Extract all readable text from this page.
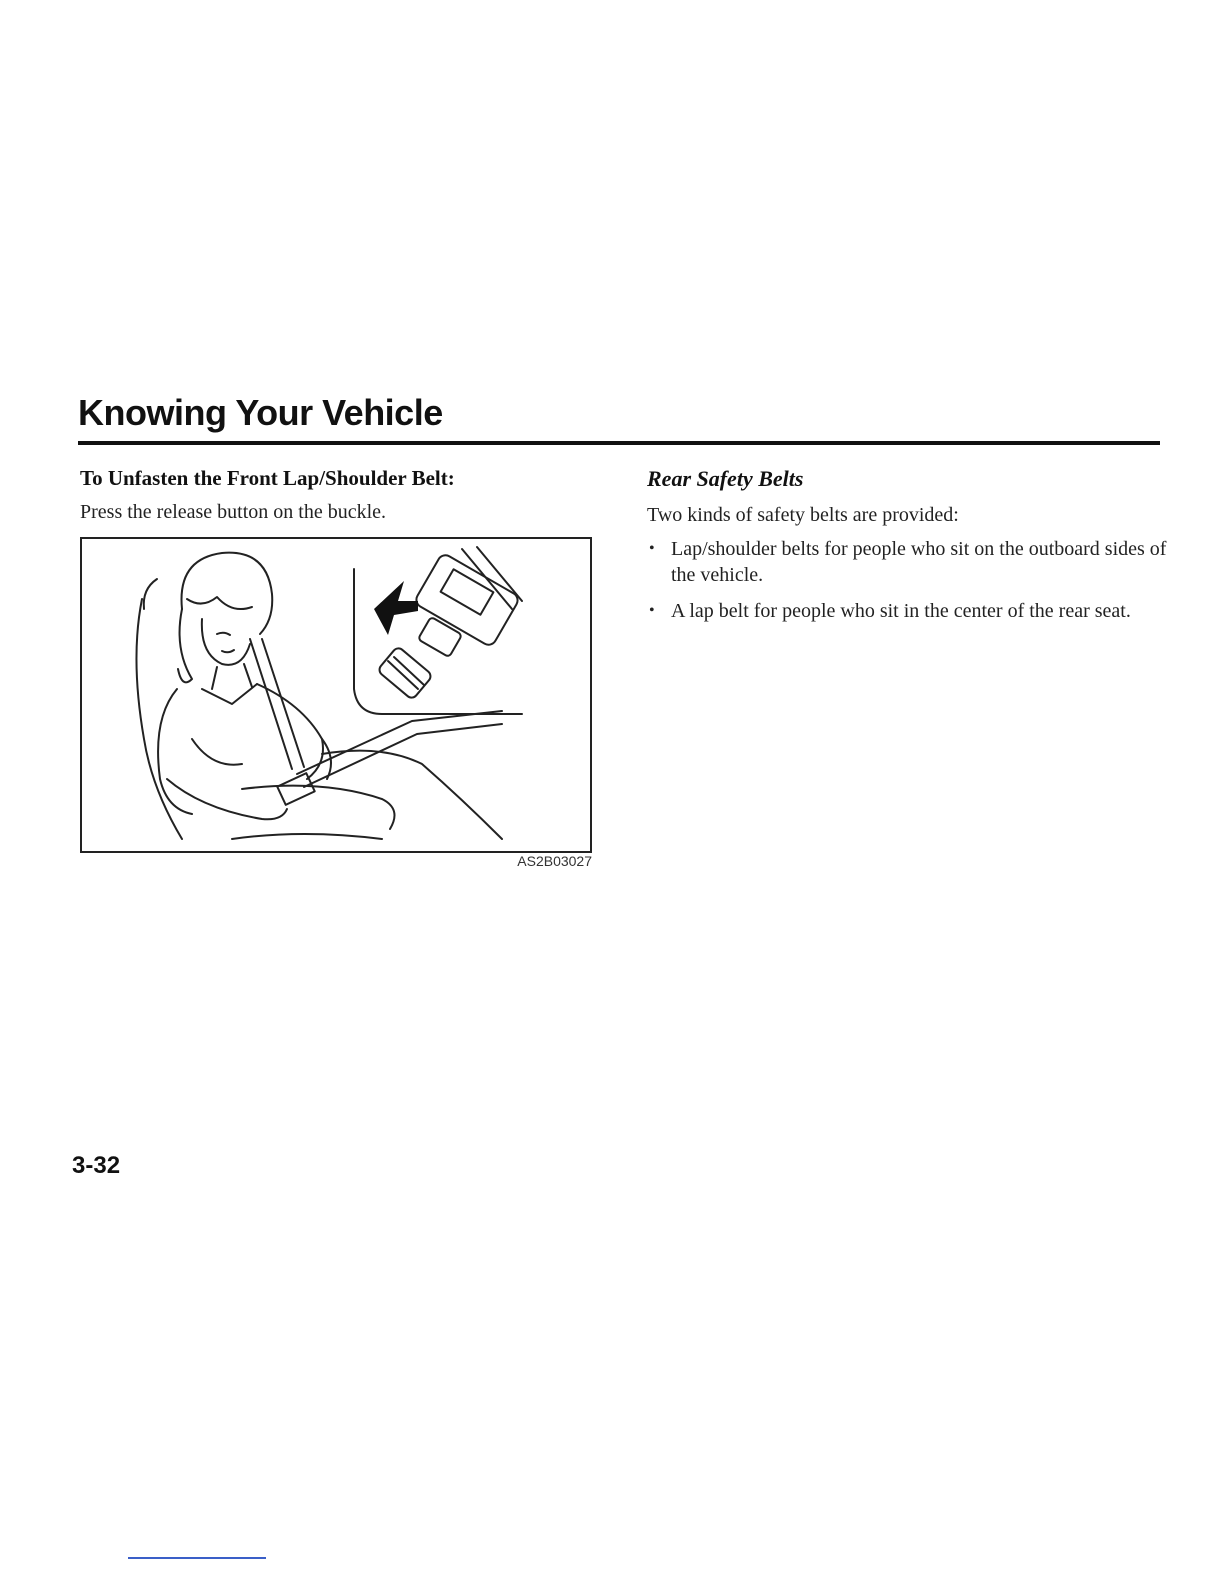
Knowing Your Vehicle

To Unfasten the Front Lap/Shoulder Belt:

Press the release button on the buckle.

AS2B03027

Rear Safety Belts

Two kinds of safety belts are provided:

• Lap/shoulder belts for people who sit on the outboard sides of the vehicle.
• A lap belt for people who sit in the center of the rear seat.
3-32
